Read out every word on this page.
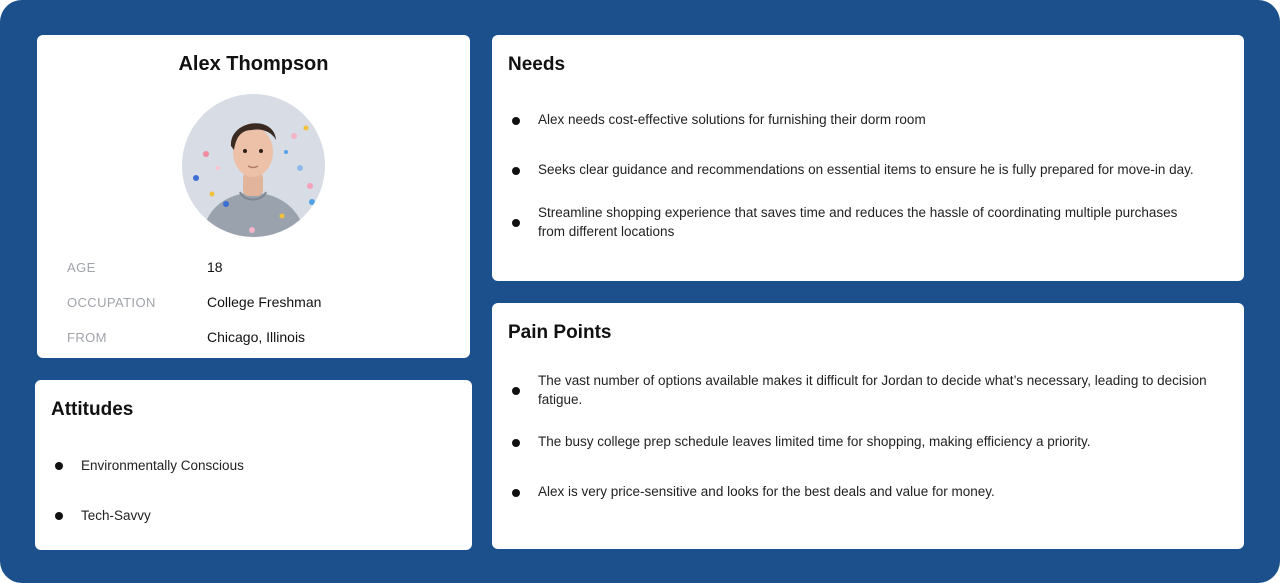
Alex Thompson
AGE	18
OCCUPATION	College Freshman
FROM	Chicago, Illinois
Attitudes
Environmentally Conscious
Tech-Savvy
Needs
Alex needs cost-effective solutions for furnishing their dorm room
Seeks clear guidance and recommendations on essential items to ensure he is fully prepared for move-in day.
Streamline shopping experience that saves time and reduces the hassle of coordinating multiple purchases from different locations
Pain Points
The vast number of options available makes it difficult for Jordan to decide what’s necessary, leading to decision fatigue.
The busy college prep schedule leaves limited time for shopping, making efficiency a priority.
Alex is very price-sensitive and looks for the best deals and value for money.
